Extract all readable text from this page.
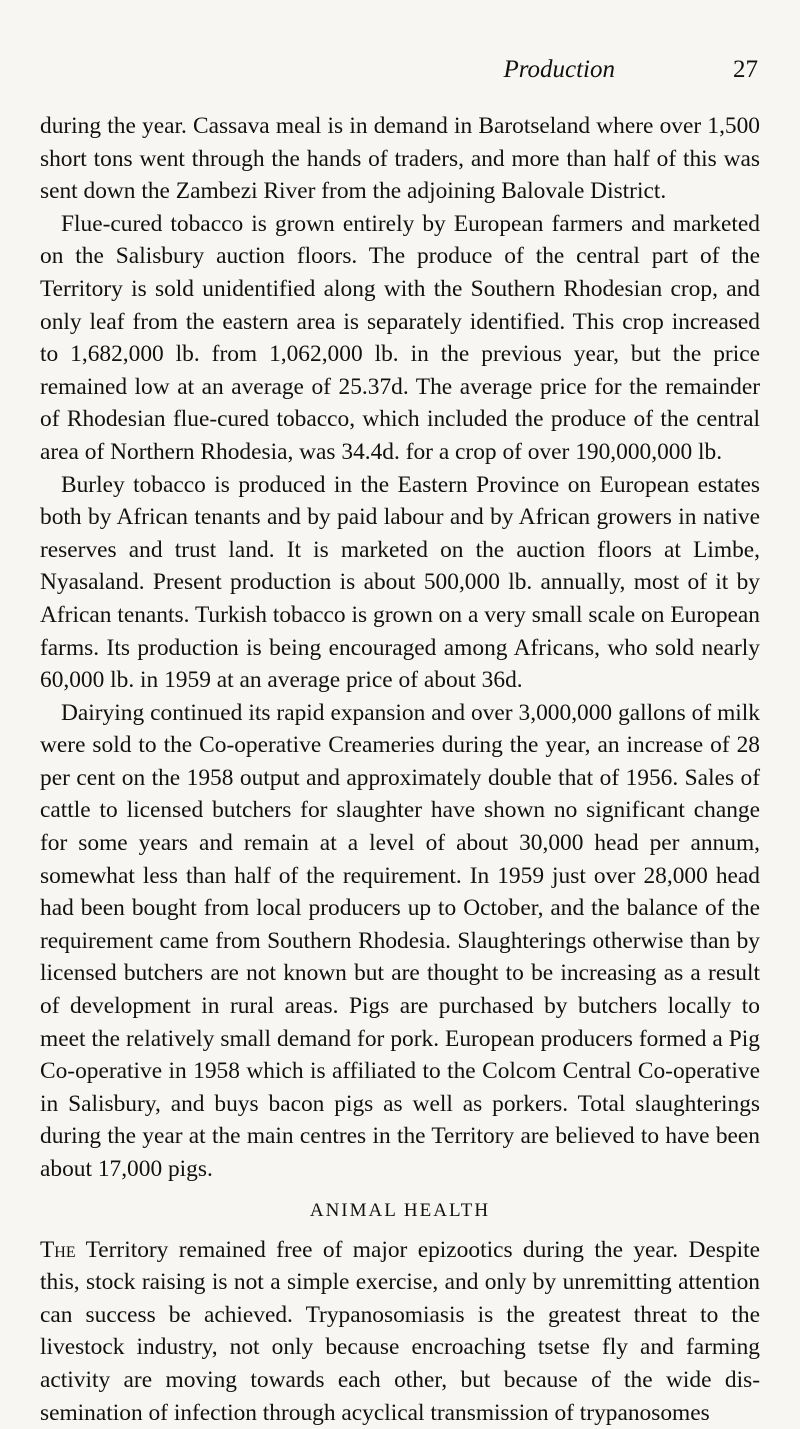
Production	27

during the year. Cassava meal is in demand in Barotseland where over 1,500 short tons went through the hands of traders, and more than half of this was sent down the Zambezi River from the adjoining Balovale District.

Flue-cured tobacco is grown entirely by European farmers and marketed on the Salisbury auction floors. The produce of the central part of the Territory is sold unidentified along with the Southern Rhodesian crop, and only leaf from the eastern area is separately identified. This crop increased to 1,682,000 lb. from 1,062,000 lb. in the previous year, but the price remained low at an average of 25.37d. The average price for the remainder of Rhodesian flue-cured tobacco, which included the produce of the central area of Northern Rhodesia, was 34.4d. for a crop of over 190,000,000 lb.

Burley tobacco is produced in the Eastern Province on European estates both by African tenants and by paid labour and by African growers in native reserves and trust land. It is marketed on the auction floors at Limbe, Nyasaland. Present production is about 500,000 lb. annually, most of it by African tenants. Turkish tobacco is grown on a very small scale on European farms. Its production is being encouraged among Africans, who sold nearly 60,000 lb. in 1959 at an average price of about 36d.

Dairying continued its rapid expansion and over 3,000,000 gallons of milk were sold to the Co-operative Creameries during the year, an increase of 28 per cent on the 1958 output and approximately double that of 1956. Sales of cattle to licensed butchers for slaughter have shown no significant change for some years and remain at a level of about 30,000 head per annum, somewhat less than half of the requirement. In 1959 just over 28,000 head had been bought from local producers up to October, and the balance of the requirement came from Southern Rhodesia. Slaughterings otherwise than by licensed butchers are not known but are thought to be increasing as a result of development in rural areas. Pigs are purchased by butchers locally to meet the relatively small demand for pork. European producers formed a Pig Co-operative in 1958 which is affiliated to the Colcom Central Co-operative in Salisbury, and buys bacon pigs as well as porkers. Total slaughterings during the year at the main centres in the Territory are believed to have been about 17,000 pigs.

ANIMAL HEALTH

The Territory remained free of major epizootics during the year. Despite this, stock raising is not a simple exercise, and only by unremitting attention can success be achieved. Trypanosomiasis is the greatest threat to the livestock industry, not only because encroaching tsetse fly and farming activity are moving towards each other, but because of the wide dissemination of infection through acyclical transmission of trypanosomes
